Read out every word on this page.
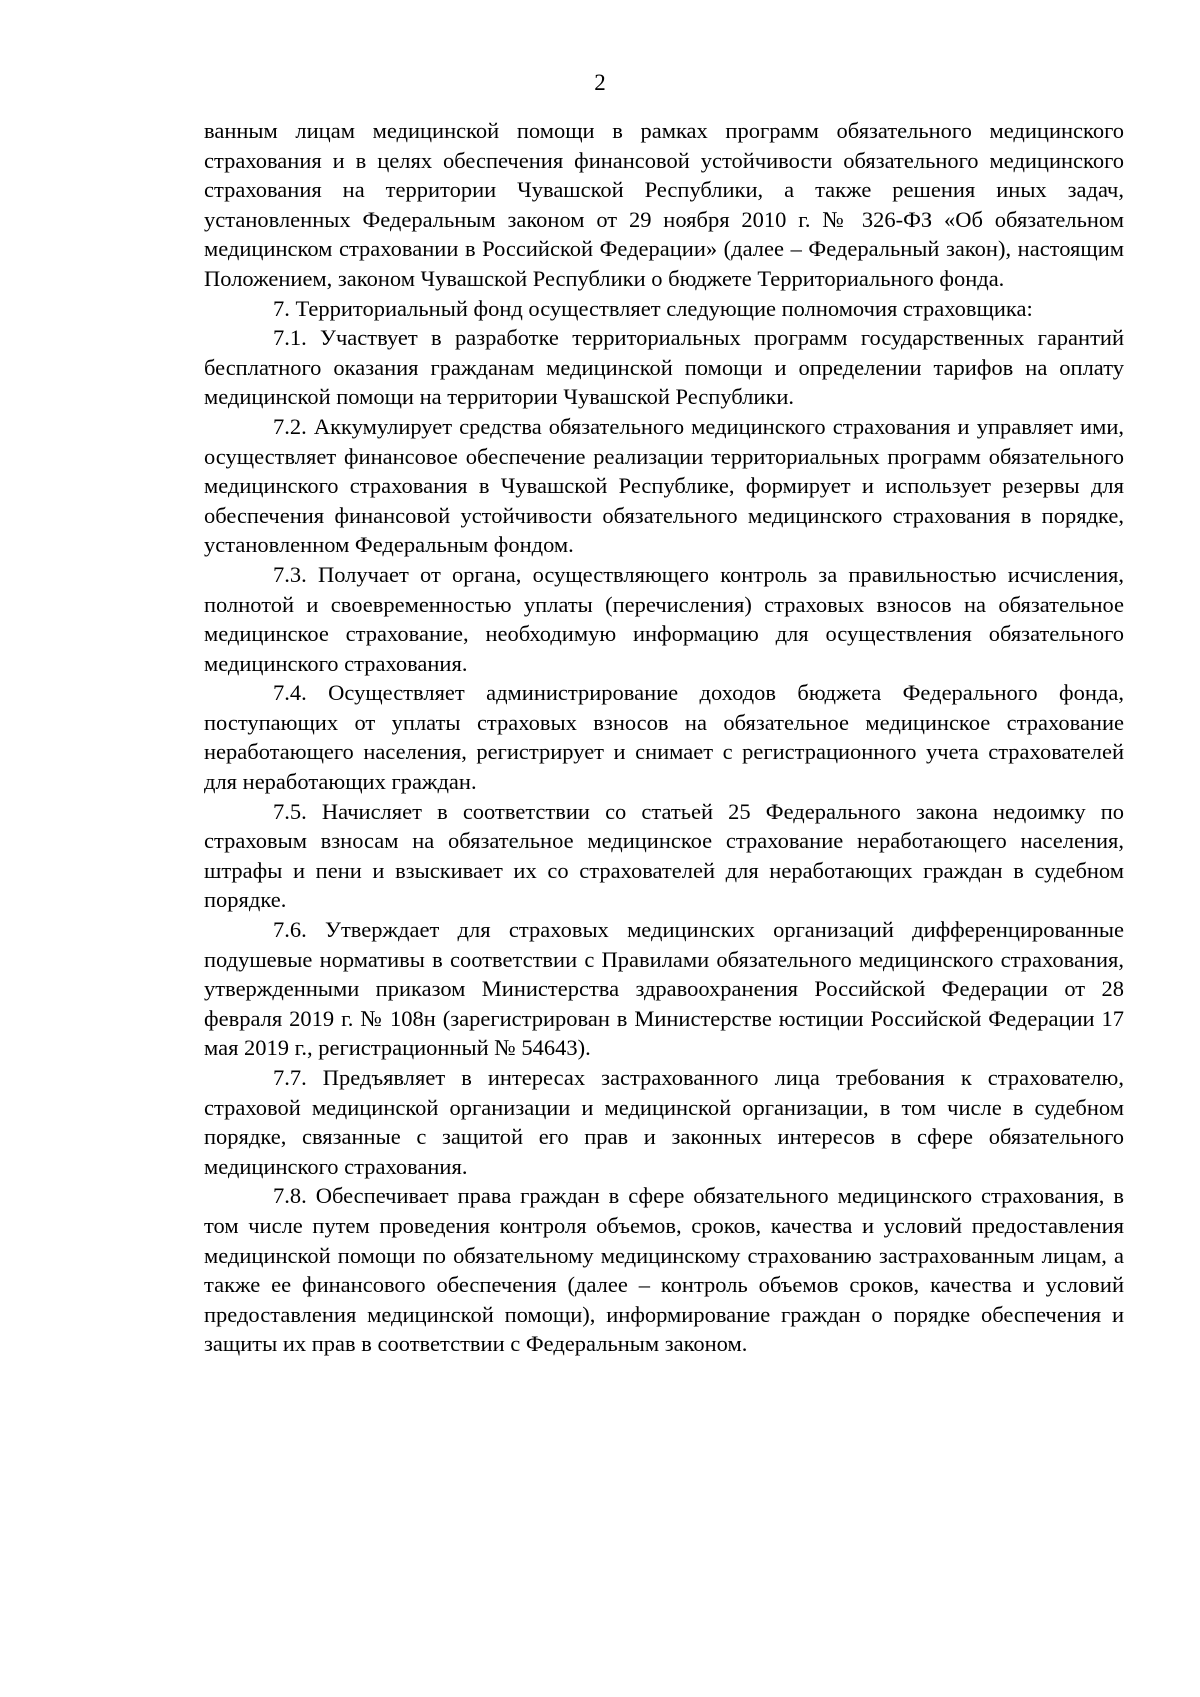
2

ванным лицам медицинской помощи в рамках программ обязательного медицинского страхования и в целях обеспечения финансовой устойчивости обязательного медицинского страхования на территории Чувашской Республики, а также решения иных задач, установленных Федеральным законом от 29 ноября 2010 г. № 326-ФЗ «Об обязательном медицинском страховании в Российской Федерации» (далее – Федеральный закон), настоящим Положением, законом Чувашской Республики о бюджете Территориального фонда.

7. Территориальный фонд осуществляет следующие полномочия страховщика:

7.1. Участвует в разработке территориальных программ государственных гарантий бесплатного оказания гражданам медицинской помощи и определении тарифов на оплату медицинской помощи на территории Чувашской Республики.

7.2. Аккумулирует средства обязательного медицинского страхования и управляет ими, осуществляет финансовое обеспечение реализации территориальных программ обязательного медицинского страхования в Чувашской Республике, формирует и использует резервы для обеспечения финансовой устойчивости обязательного медицинского страхования в порядке, установленном Федеральным фондом.

7.3. Получает от органа, осуществляющего контроль за правильностью исчисления, полнотой и своевременностью уплаты (перечисления) страховых взносов на обязательное медицинское страхование, необходимую информацию для осуществления обязательного медицинского страхования.

7.4. Осуществляет администрирование доходов бюджета Федерального фонда, поступающих от уплаты страховых взносов на обязательное медицинское страхование неработающего населения, регистрирует и снимает с регистрационного учета страхователей для неработающих граждан.

7.5. Начисляет в соответствии со статьей 25 Федерального закона недоимку по страховым взносам на обязательное медицинское страхование неработающего населения, штрафы и пени и взыскивает их со страхователей для неработающих граждан в судебном порядке.

7.6. Утверждает для страховых медицинских организаций дифференцированные подушевые нормативы в соответствии с Правилами обязательного медицинского страхования, утвержденными приказом Министерства здравоохранения Российской Федерации от 28 февраля 2019 г. № 108н (зарегистрирован в Министерстве юстиции Российской Федерации 17 мая 2019 г., регистрационный № 54643).

7.7. Предъявляет в интересах застрахованного лица требования к страхователю, страховой медицинской организации и медицинской организации, в том числе в судебном порядке, связанные с защитой его прав и законных интересов в сфере обязательного медицинского страхования.

7.8. Обеспечивает права граждан в сфере обязательного медицинского страхования, в том числе путем проведения контроля объемов, сроков, качества и условий предоставления медицинской помощи по обязательному медицинскому страхованию застрахованным лицам, а также ее финансового обеспечения (далее – контроль объемов сроков, качества и условий предоставления медицинской помощи), информирование граждан о порядке обеспечения и защиты их прав в соответствии с Федеральным законом.
